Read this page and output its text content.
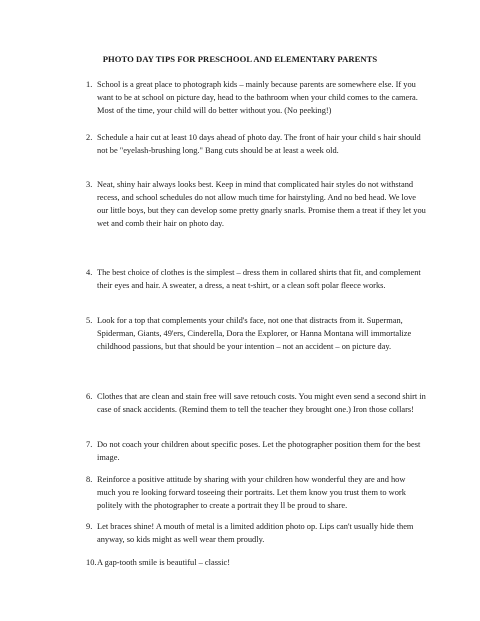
PHOTO DAY TIPS FOR PRESCHOOL AND ELEMENTARY PARENTS
1. School is a great place to photograph kids – mainly because parents are somewhere else. If you want to be at school on picture day, head to the bathroom when your child comes to the camera. Most of the time, your child will do better without you. (No peeking!)
2. Schedule a hair cut at least 10 days ahead of photo day. The front of hair your child s hair should not be "eyelash-brushing long." Bang cuts should be at least a week old.
3. Neat, shiny hair always looks best. Keep in mind that complicated hair styles do not withstand recess, and school schedules do not allow much time for hairstyling. And no bed head. We love our little boys, but they can develop some pretty gnarly snarls. Promise them a treat if they let you wet and comb their hair on photo day.
4. The best choice of clothes is the simplest – dress them in collared shirts that fit, and complement their eyes and hair. A sweater, a dress, a neat t-shirt, or a clean soft polar fleece works.
5. Look for a top that complements your child's face, not one that distracts from it. Superman, Spiderman, Giants, 49'ers, Cinderella, Dora the Explorer, or Hanna Montana will immortalize childhood passions, but that should be your intention – not an accident – on picture day.
6. Clothes that are clean and stain free will save retouch costs. You might even send a second shirt in case of snack accidents. (Remind them to tell the teacher they brought one.) Iron those collars!
7. Do not coach your children about specific poses. Let the photographer position them for the best image.
8. Reinforce a positive attitude by sharing with your children how wonderful they are and how much you re looking forward toseeing their portraits. Let them know you trust them to work politely with the photographer to create a portrait they ll be proud to share.
9. Let braces shine! A mouth of metal is a limited addition photo op. Lips can't usually hide them anyway, so kids might as well wear them proudly.
10. A gap-tooth smile is beautiful – classic!
